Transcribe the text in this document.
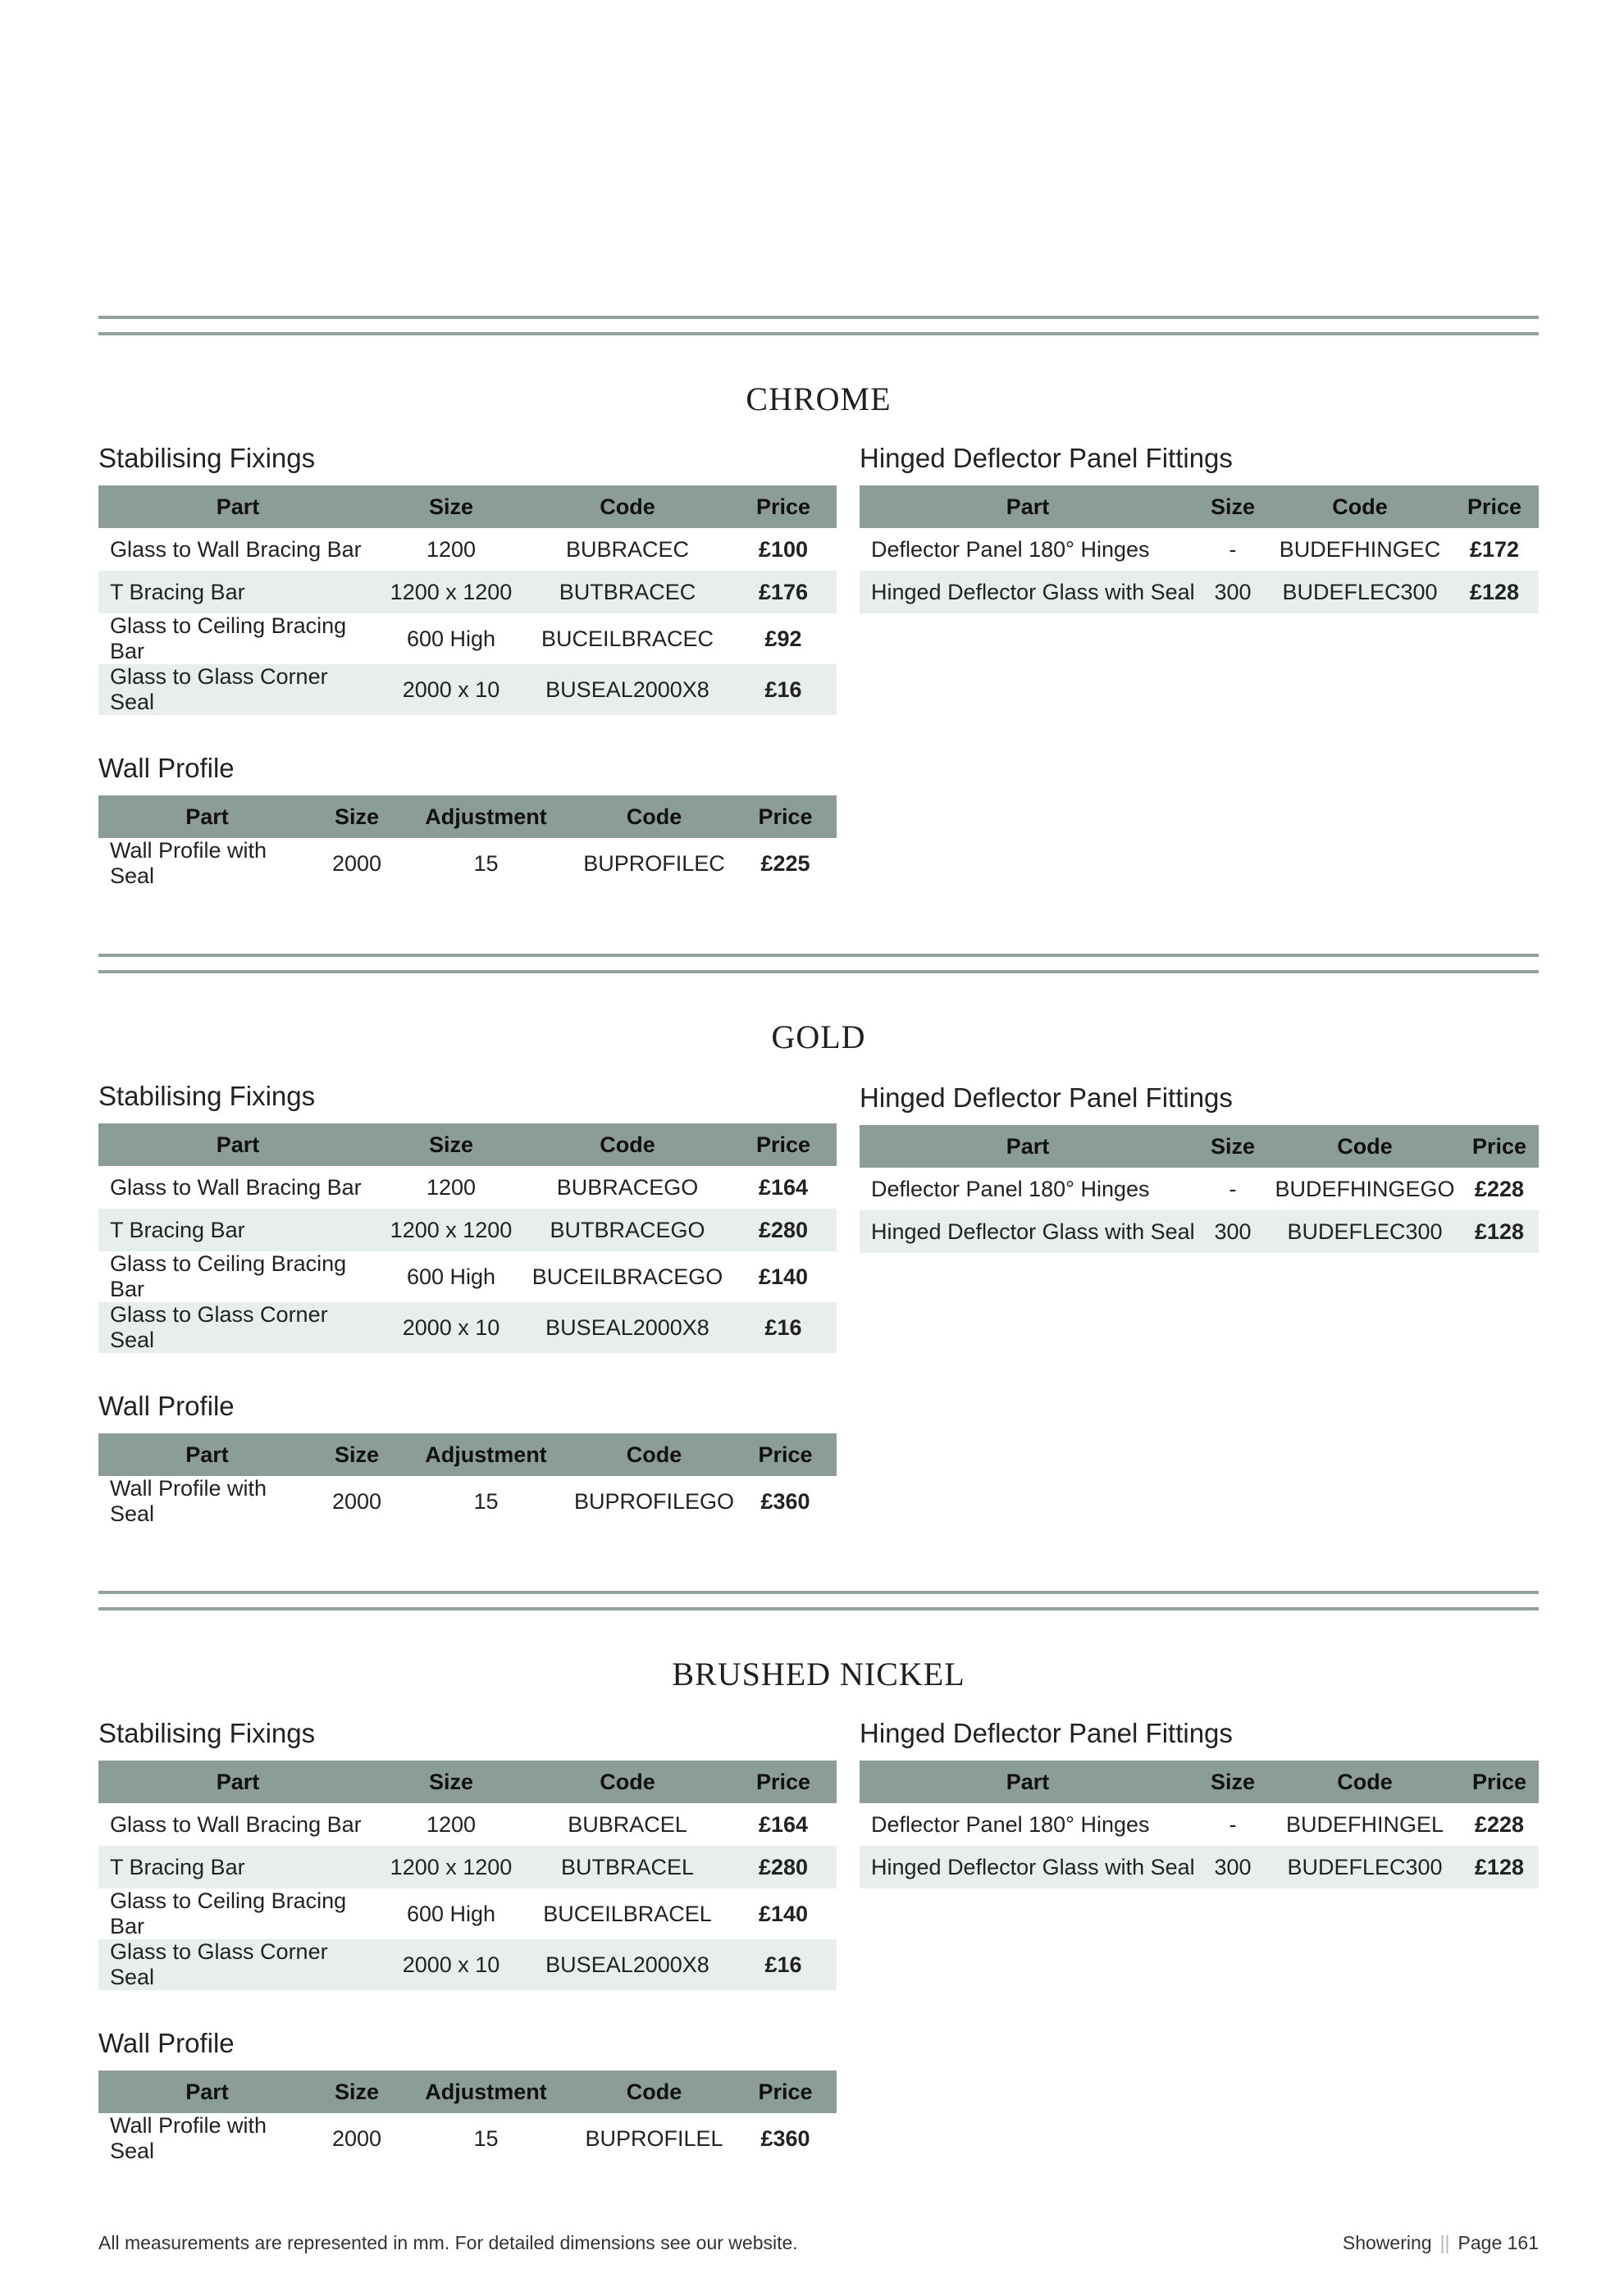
CHROME
Stabilising Fixings
Part	Size	Code	Price
Glass to Wall Bracing Bar	1200	BUBRACEC	£100
T Bracing Bar	1200 x 1200	BUTBRACEC	£176
Glass to Ceiling Bracing Bar	600 High	BUCEILBRACEC	£92
Glass to Glass Corner Seal	2000 x 10	BUSEAL2000X8	£16
Hinged Deflector Panel Fittings
Part	Size	Code	Price
Deflector Panel 180° Hinges	-	BUDEFHINGEC	£172
Hinged Deflector Glass with Seal	300	BUDEFLEC300	£128
Wall Profile
Part	Size	Adjustment	Code	Price
Wall Profile with Seal	2000	15	BUPROFILEC	£225
GOLD
Stabilising Fixings
Part	Size	Code	Price
Glass to Wall Bracing Bar	1200	BUBRACEGO	£164
T Bracing Bar	1200 x 1200	BUTBRACEGO	£280
Glass to Ceiling Bracing Bar	600 High	BUCEILBRACEGO	£140
Glass to Glass Corner Seal	2000 x 10	BUSEAL2000X8	£16
Hinged Deflector Panel Fittings
Part	Size	Code	Price
Deflector Panel 180° Hinges	-	BUDEFHINGEGO	£228
Hinged Deflector Glass with Seal	300	BUDEFLEC300	£128
Wall Profile
Part	Size	Adjustment	Code	Price
Wall Profile with Seal	2000	15	BUPROFILEGO	£360
BRUSHED NICKEL
Stabilising Fixings
Part	Size	Code	Price
Glass to Wall Bracing Bar	1200	BUBRACEL	£164
T Bracing Bar	1200 x 1200	BUTBRACEL	£280
Glass to Ceiling Bracing Bar	600 High	BUCEILBRACEL	£140
Glass to Glass Corner Seal	2000 x 10	BUSEAL2000X8	£16
Hinged Deflector Panel Fittings
Part	Size	Code	Price
Deflector Panel 180° Hinges	-	BUDEFHINGEL	£228
Hinged Deflector Glass with Seal	300	BUDEFLEC300	£128
Wall Profile
Part	Size	Adjustment	Code	Price
Wall Profile with Seal	2000	15	BUPROFILEL	£360
All measurements are represented in mm. For detailed dimensions see our website.	Showering || Page 161
